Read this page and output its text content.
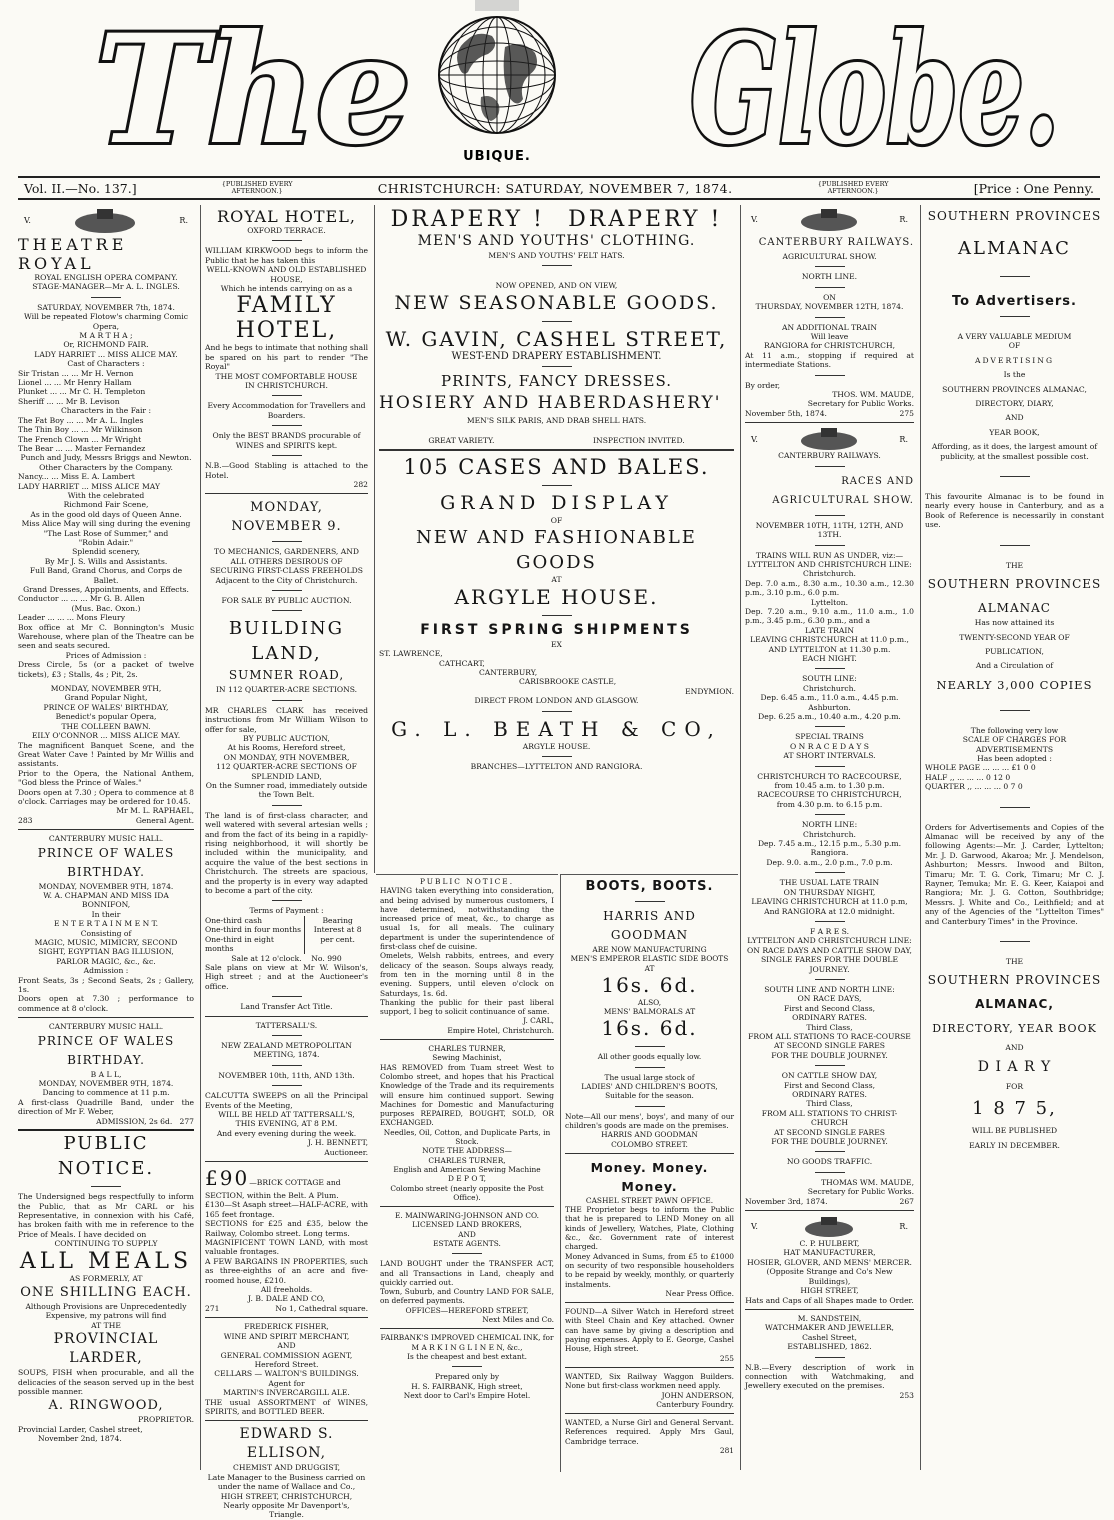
The Globe.
UBIQUE.
Vol. II.—No. 137.]	{PUBLISHED EVERY
AFTERNOON.}	CHRISTCHURCH: SATURDAY, NOVEMBER 7, 1874.	{PUBLISHED EVERY
AFTERNOON.}	[Price : One Penny.
V.	R.

THEATRE ROYAL

ROYAL ENGLISH OPERA COMPANY.

STAGE-MANAGER—Mr A. L. INGLES.

SATURDAY, NOVEMBER 7th, 1874.

Will be repeated Flotow's charming Comic Opera,

M A R T H A ;

Or, RICHMOND FAIR.

LADY HARRIET ... MISS ALICE MAY.

Cast of Characters :

Sir Tristan ... ... Mr H. Vernon

Lionel ... ... Mr Henry Hallam

Plunket ... ... Mr C. H. Templeton

Sheriff ... ... Mr B. Levison

Characters in the Fair :

The Fat Boy ... ... Mr A. L. Ingles

The Thin Boy ... ... Mr Wilkinson

The French Clown ... Mr Wright

The Bear ... ... Master Fernandez

Punch and Judy, Messrs Briggs and Newton.

Other Characters by the Company.

Nancy... ... Miss E. A. Lambert

LADY HARRIET ... MISS ALICE MAY

With the celebrated

Richmond Fair Scene,

As in the good old days of Queen Anne.

Miss Alice May will sing during the evening

"The Last Rose of Summer," and

"Robin Adair."

Splendid scenery,

By Mr J. S. Wills and Assistants.

Full Band, Grand Chorus, and Corps de Ballet.

Grand Dresses, Appointments, and Effects.

Conductor ... ... ... Mr G. B. Allen

(Mus. Bac. Oxon.)

Leader ... ... ... Mons Fleury

Box office at Mr C. Bonnington's Music Warehouse, where plan of the Theatre can be seen and seats secured.

Prices of Admission :

Dress Circle, 5s (or a packet of twelve tickets), £3 ; Stalls, 4s ; Pit, 2s.

MONDAY, NOVEMBER 9TH,

Grand Popular Night,

PRINCE OF WALES' BIRTHDAY,

Benedict's popular Opera,

THE COLLEEN BAWN.

EILY O'CONNOR ... MISS ALICE MAY.

The magnificent Banquet Scene, and the Great Water Cave ! Painted by Mr Willis and assistants.

Prior to the Opera, the National Anthem, "God bless the Prince of Wales."

Doors open at 7.30 ; Opera to commence at 8 o'clock. Carriages may be ordered for 10.45.

Mr M. L. RAPHAEL,

283	General Agent.

CANTERBURY MUSIC HALL.

PRINCE OF WALES BIRTHDAY.

MONDAY, NOVEMBER 9TH, 1874.

W. A. CHAPMAN AND MISS IDA

BONNIFON,

In their

E N T E R T A I N M E N T.

Consisting of

MAGIC, MUSIC, MIMICRY, SECOND

SIGHT, EGYPTIAN BAG ILLUSION,

PARLOR MAGIC, &c., &c.

Admission :

Front Seats, 3s ; Second Seats, 2s ; Gallery, 1s.

Doors open at 7.30 ; performance to commence at 8 o'clock.

CANTERBURY MUSIC HALL.

PRINCE OF WALES BIRTHDAY.

B A L L,

MONDAY, NOVEMBER 9TH, 1874.

Dancing to commence at 11 p.m.

A first-class Quadrille Band, under the direction of Mr F. Weber,

ADMISSION, 2s 6d. 277

PUBLIC NOTICE.

The Undersigned begs respectfully to inform the Public, that as Mr CARL or his Representative, in connexion with his Café, has broken faith with me in reference to the Price of Meals. I have decided on

CONTINUING TO SUPPLY

ALL MEALS

AS FORMERLY, AT

ONE SHILLING EACH.

Although Provisions are Unprecedentedly Expensive, my patrons will find

AT THE

PROVINCIAL LARDER,

SOUPS, FISH when procurable, and all the delicacies of the season served up in the best possible manner.

A. RINGWOOD,

PROPRIETOR.

Provincial Larder, Cashel street,

November 2nd, 1874.

ROYAL HOTEL,

OXFORD TERRACE.

WILLIAM KIRKWOOD begs to inform the Public that he has taken this

WELL-KNOWN AND OLD ESTABLISHED HOUSE,

Which he intends carrying on as a

FAMILY HOTEL,

And he begs to intimate that nothing shall be spared on his part to render "The Royal"

THE MOST COMFORTABLE HOUSE

IN CHRISTCHURCH.

Every Accommodation for Travellers and Boarders.

Only the BEST BRANDS procurable of WINES and SPIRITS kept.

N.B.—Good Stabling is attached to the Hotel.

282

MONDAY, NOVEMBER 9.

TO MECHANICS, GARDENERS, AND

ALL OTHERS DESIROUS OF

SECURING FIRST-CLASS FREEHOLDS

Adjacent to the City of Christchurch.

FOR SALE BY PUBLIC AUCTION.

BUILDING LAND,

SUMNER ROAD,

IN 112 QUARTER-ACRE SECTIONS.

MR CHARLES CLARK has received instructions from Mr William Wilson to offer for sale,

BY PUBLIC AUCTION,

At his Rooms, Hereford street,

ON MONDAY, 9TH NOVEMBER,

112 QUARTER-ACRE SECTIONS OF

SPLENDID LAND,

On the Sumner road, immediately outside the Town Belt.

The land is of first-class character, and well watered with several artesian wells ; and from the fact of its being in a rapidly-rising neighborhood, it will shortly be included within the municipality, and acquire the value of the best sections in Christchurch. The streets are spacious, and the property is in every way adapted to become a part of the city.

Terms of Payment :

One-third cash

One-third in four months

One-third in eight months

Bearing Interest at 8 per cent.

Sale at 12 o'clock. No. 990

Sale plans on view at Mr W. Wilson's, High street ; and at the Auctioneer's office.

Land Transfer Act Title.

TATTERSALL'S.

NEW ZEALAND METROPOLITAN

MEETING, 1874.

NOVEMBER 10th, 11th, AND 13th.

CALCUTTA SWEEPS on all the Principal Events of the Meeting,

WILL BE HELD AT TATTERSALL'S,

THIS EVENING, AT 8 P.M.

And every evening during the week.

J. H. BENNETT,

Auctioneer.

£90—BRICK COTTAGE and SECTION, within the Belt. A Plum.

£130—St Asaph street—HALF-ACRE, with 165 feet frontage.

SECTIONS for £25 and £35, below the Railway, Colombo street. Long terms.

MAGNIFICENT TOWN LAND, with most valuable frontages.

A FEW BARGAINS IN PROPERTIES, such as three-eighths of an acre and five-roomed house, £210.

All freeholds.

J. B. DALE AND CO,

271	No 1, Cathedral square.

FREDERICK FISHER,

WINE AND SPIRIT MERCHANT,

AND

GENERAL COMMISSION AGENT,

Hereford Street.

CELLARS — WALTON'S BUILDINGS.

Agent for

MARTIN'S INVERCARGILL ALE.

THE usual ASSORTMENT of WINES, SPIRITS, and BOTTLED BEER.

EDWARD S. ELLISON,

CHEMIST AND DRUGGIST,

Late Manager to the Business carried on under the name of Wallace and Co.,

HIGH STREET, CHRISTCHURCH,

Nearly opposite Mr Davenport's, Triangle.

DRAPERY ! DRAPERY !

MEN'S AND YOUTHS' CLOTHING.

MEN'S AND YOUTHS' FELT HATS.

NOW OPENED, AND ON VIEW,

NEW SEASONABLE GOODS.

W. GAVIN, CASHEL STREET,

WEST-END DRAPERY ESTABLISHMENT.

PRINTS, FANCY DRESSES.

HOSIERY AND HABERDASHERY'

MEN'S SILK PARIS, AND DRAB SHELL HATS.

GREAT VARIETY.	INSPECTION INVITED.

105 CASES AND BALES.

GRAND DISPLAY

OF

NEW AND FASHIONABLE GOODS

AT

ARGYLE HOUSE.

FIRST SPRING SHIPMENTS

EX

ST. LAWRENCE,

CATHCART,

CANTERBURY,

CARISBROOKE CASTLE,

ENDYMION.

DIRECT FROM LONDON AND GLASGOW.

G. L. BEATH & CO,

ARGYLE HOUSE.

BRANCHES—LYTTELTON AND RANGIORA.

PUBLIC NOTICE.

HAVING taken everything into consideration, and being advised by numerous customers, I have determined, notwithstanding the increased price of meat, &c., to charge as usual 1s, for all meals. The culinary department is under the superintendence of first-class chef de cuisine.

Omelets, Welsh rabbits, entrees, and every delicacy of the season. Soups always ready, from ten in the morning until 8 in the evening. Suppers, until eleven o'clock on Saturdays, 1s. 6d.

Thanking the public for their past liberal support, I beg to solicit continuance of same.

J. CARL,

Empire Hotel, Christchurch.

CHARLES TURNER,

Sewing Machinist,

HAS REMOVED from Tuam street West to Colombo street, and hopes that his Practical Knowledge of the Trade and its requirements will ensure him continued support. Sewing Machines for Domestic and Manufacturing purposes REPAIRED, BOUGHT, SOLD, OR EXCHANGED.

Needles, Oil, Cotton, and Duplicate Parts, in Stock.

NOTE THE ADDRESS—

CHARLES TURNER,

English and American Sewing Machine

D E P O T,

Colombo street (nearly opposite the Post Office).

E. MAINWARING-JOHNSON AND CO.

LICENSED LAND BROKERS,

AND

ESTATE AGENTS.

LAND BOUGHT under the TRANSFER ACT, and all Transactions in Land, cheaply and quickly carried out.

Town, Suburb, and Country LAND FOR SALE, on deferred payments.

OFFICES—HEREFORD STREET,

Next Miles and Co.

FAIRBANK'S IMPROVED CHEMICAL INK, for

M A R K I N G L I N E N, &c.,

Is the cheapest and best extant.

Prepared only by

H. S. FAIRBANK, High street,

Next door to Carl's Empire Hotel.

BOOTS, BOOTS.

HARRIS AND GOODMAN

ARE NOW MANUFACTURING

MEN'S EMPEROR ELASTIC SIDE BOOTS

AT

16s. 6d.

ALSO,

MENS' BALMORALS AT

16s. 6d.

All other goods equally low.

The usual large stock of

LADIES' AND CHILDREN'S BOOTS,

Suitable for the season.

Note—All our mens', boys', and many of our children's goods are made on the premises.

HARRIS AND GOODMAN

COLOMBO STREET.

Money. Money. Money.

CASHEL STREET PAWN OFFICE.

THE Proprietor begs to inform the Public that he is prepared to LEND Money on all kinds of Jewellery, Watches, Plate, Clothing &c., &c. Government rate of interest charged.

Money Advanced in Sums, from £5 to £1000 on security of two responsible householders to be repaid by weekly, monthly, or quarterly instalments.

Near Press Office.

FOUND—A Silver Watch in Hereford street with Steel Chain and Key attached. Owner can have same by giving a description and paying expenses. Apply to E. George, Cashel House, High street.

255

WANTED, Six Railway Waggon Builders. None but first-class workmen need apply.

JOHN ANDERSON,

Canterbury Foundry.

WANTED, a Nurse Girl and General Servant. References required. Apply Mrs Gaul, Cambridge terrace.

281

V.	R.

CANTERBURY RAILWAYS.

AGRICULTURAL SHOW.

NORTH LINE.

ON

THURSDAY, NOVEMBER 12TH, 1874.

AN ADDITIONAL TRAIN

Will leave

RANGIORA for CHRISTCHURCH,

At 11 a.m., stopping if required at intermediate Stations.

By order,

THOS. WM. MAUDE,

Secretary for Public Works.

November 5th, 1874.	275

V.	R.

CANTERBURY RAILWAYS.

RACES AND AGRICULTURAL SHOW.

NOVEMBER 10TH, 11TH, 12TH, AND 13TH.

TRAINS WILL RUN AS UNDER, viz:—

LYTTELTON AND CHRISTCHURCH LINE:

Christchurch.

Dep. 7.0 a.m., 8.30 a.m., 10.30 a.m., 12.30 p.m., 3.10 p.m., 6.0 p.m.

Lyttelton.

Dep. 7.20 a.m., 9.10 a.m., 11.0 a.m., 1.0 p.m., 3.45 p.m., 6.30 p.m., and a

LATE TRAIN

LEAVING CHRISTCHURCH at 11.0 p.m.,

AND LYTTELTON at 11.30 p.m.

EACH NIGHT.

SOUTH LINE:

Christchurch.

Dep. 6.45 a.m., 11.0 a.m., 4.45 p.m.

Ashburton.

Dep. 6.25 a.m., 10.40 a.m., 4.20 p.m.

SPECIAL TRAINS

O N R A C E D A Y S

AT SHORT INTERVALS.

CHRISTCHURCH TO RACECOURSE,

from 10.45 a.m. to 1.30 p.m.

RACECOURSE TO CHRISTCHURCH,

from 4.30 p.m. to 6.15 p.m.

NORTH LINE:

Christchurch.

Dep. 7.45 a.m., 12.15 p.m., 5.30 p.m.

Rangiora.

Dep. 9.0. a.m., 2.0 p.m., 7.0 p.m.

THE USUAL LATE TRAIN

ON THURSDAY NIGHT,

LEAVING CHRISTCHURCH at 11.0 p.m,

And RANGIORA at 12.0 midnight.

F A R E S.

LYTTELTON AND CHRISTCHURCH LINE:

ON RACE DAYS AND CATTLE SHOW DAY,

SINGLE FARES FOR THE DOUBLE JOURNEY.

SOUTH LINE AND NORTH LINE:

ON RACE DAYS,

First and Second Class,

ORDINARY RATES.

Third Class,

FROM ALL STATIONS TO RACE-COURSE

AT SECOND SINGLE FARES

FOR THE DOUBLE JOURNEY.

ON CATTLE SHOW DAY,

First and Second Class,

ORDINARY RATES.

Third Class,

FROM ALL STATIONS TO CHRIST-CHURCH

AT SECOND SINGLE FARES

FOR THE DOUBLE JOURNEY.

NO GOODS TRAFFIC.

THOMAS WM. MAUDE,

Secretary for Public Works.

November 3rd, 1874.	267

V.	R.

C. P. HULBERT,

HAT MANUFACTURER,

HOSIER, GLOVER, AND MENS' MERCER.

(Opposite Strange and Co's New Buildings),

HIGH STREET,

Hats and Caps of all Shapes made to Order.

M. SANDSTEIN,

WATCHMAKER AND JEWELLER,

Cashel Street,

ESTABLISHED, 1862.

N.B.—Every description of work in connection with Watchmaking, and Jewellery executed on the premises.

253

SOUTHERN PROVINCES

ALMANAC

To Advertisers.

A VERY VALUABLE MEDIUM

OF

ADVERTISING

Is the

SOUTHERN PROVINCES ALMANAC,

DIRECTORY, DIARY,

AND

YEAR BOOK,

Affording, as it does, the largest amount of publicity, at the smallest possible cost.

This favourite Almanac is to be found in nearly every house in Canterbury, and as a Book of Reference is necessarily in constant use.

THE

SOUTHERN PROVINCES

ALMANAC

Has now attained its

TWENTY-SECOND YEAR OF

PUBLICATION,

And a Circulation of

NEARLY 3,000 COPIES

The following very low

SCALE OF CHARGES FOR

ADVERTISEMENTS

Has been adopted :

WHOLE PAGE ... ... ... £1 0 0

HALF ,, ... ... ... 0 12 0

QUARTER ,, ... ... ... 0 7 0

Orders for Advertisements and Copies of the Almanac will be received by any of the following Agents:—Mr. J. Carder, Lyttelton; Mr. J. D. Garwood, Akaroa; Mr. J. Mendelson, Ashburton; Messrs. Inwood and Bilton, Timaru; Mr. T. G. Cork, Timaru; Mr C. J. Rayner, Temuka; Mr. E. G. Keer, Kaiapoi and Rangiora; Mr. J. G. Cotton, Southbridge; Messrs. J. White and Co., Leithfield; and at any of the Agencies of the "Lyttelton Times" and Canterbury Times" in the Province.

THE

SOUTHERN PROVINCES

ALMANAC,

DIRECTORY, YEAR BOOK

AND

D I A R Y

FOR

1 8 7 5,

WILL BE PUBLISHED

EARLY IN DECEMBER.
